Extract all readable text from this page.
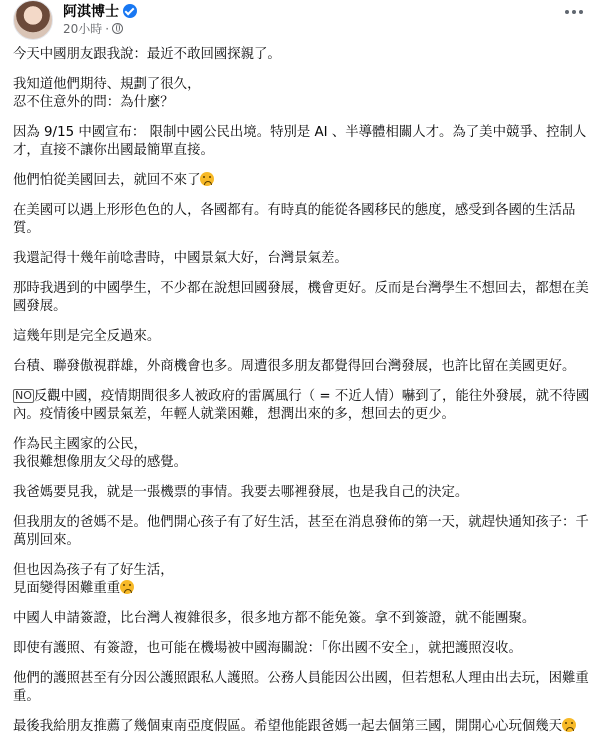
阿淇博士
20小時 ·

今天中國朋友跟我說：最近不敢回國探親了。

我知道他們期待、規劃了很久，
忍不住意外的問：為什麼？

因為 9/15 中國宣布： 限制中國公民出境。特別是 AI 、半導體相關人才。為了美中競爭、控制人才，直接不讓你出國最簡單直接。

他們怕從美國回去，就回不來了

在美國可以遇上形形色色的人，各國都有。有時真的能從各國移民的態度，感受到各國的生活品質。

我還記得十幾年前唸書時，中國景氣大好，台灣景氣差。

那時我遇到的中國學生，不少都在說想回國發展，機會更好。反而是台灣學生不想回去，都想在美國發展。

這幾年則是完全反過來。

台積、聯發傲視群雄，外商機會也多。周遭很多朋友都覺得回台灣發展，也許比留在美國更好。

NO 反觀中國，疫情期間很多人被政府的雷厲風行（ = 不近人情）嚇到了，能往外發展，就不待國內。疫情後中國景氣差，年輕人就業困難，想潤出來的多，想回去的更少。

作為民主國家的公民，
我很難想像朋友父母的感覺。

我爸媽要見我，就是一張機票的事情。我要去哪裡發展，也是我自己的決定。

但我朋友的爸媽不是。他們開心孩子有了好生活，甚至在消息發佈的第一天，就趕快通知孩子：千萬別回來。

但也因為孩子有了好生活，
見面變得困難重重

中國人申請簽證，比台灣人複雜很多，很多地方都不能免簽。拿不到簽證，就不能團聚。

即使有護照、有簽證，也可能在機場被中國海關說：「你出國不安全」，就把護照沒收。

他們的護照甚至有分因公護照跟私人護照。公務人員能因公出國，但若想私人理由出去玩，困難重重。

最後我給朋友推薦了幾個東南亞度假區。希望他能跟爸媽一起去個第三國，開開心心玩個幾天
